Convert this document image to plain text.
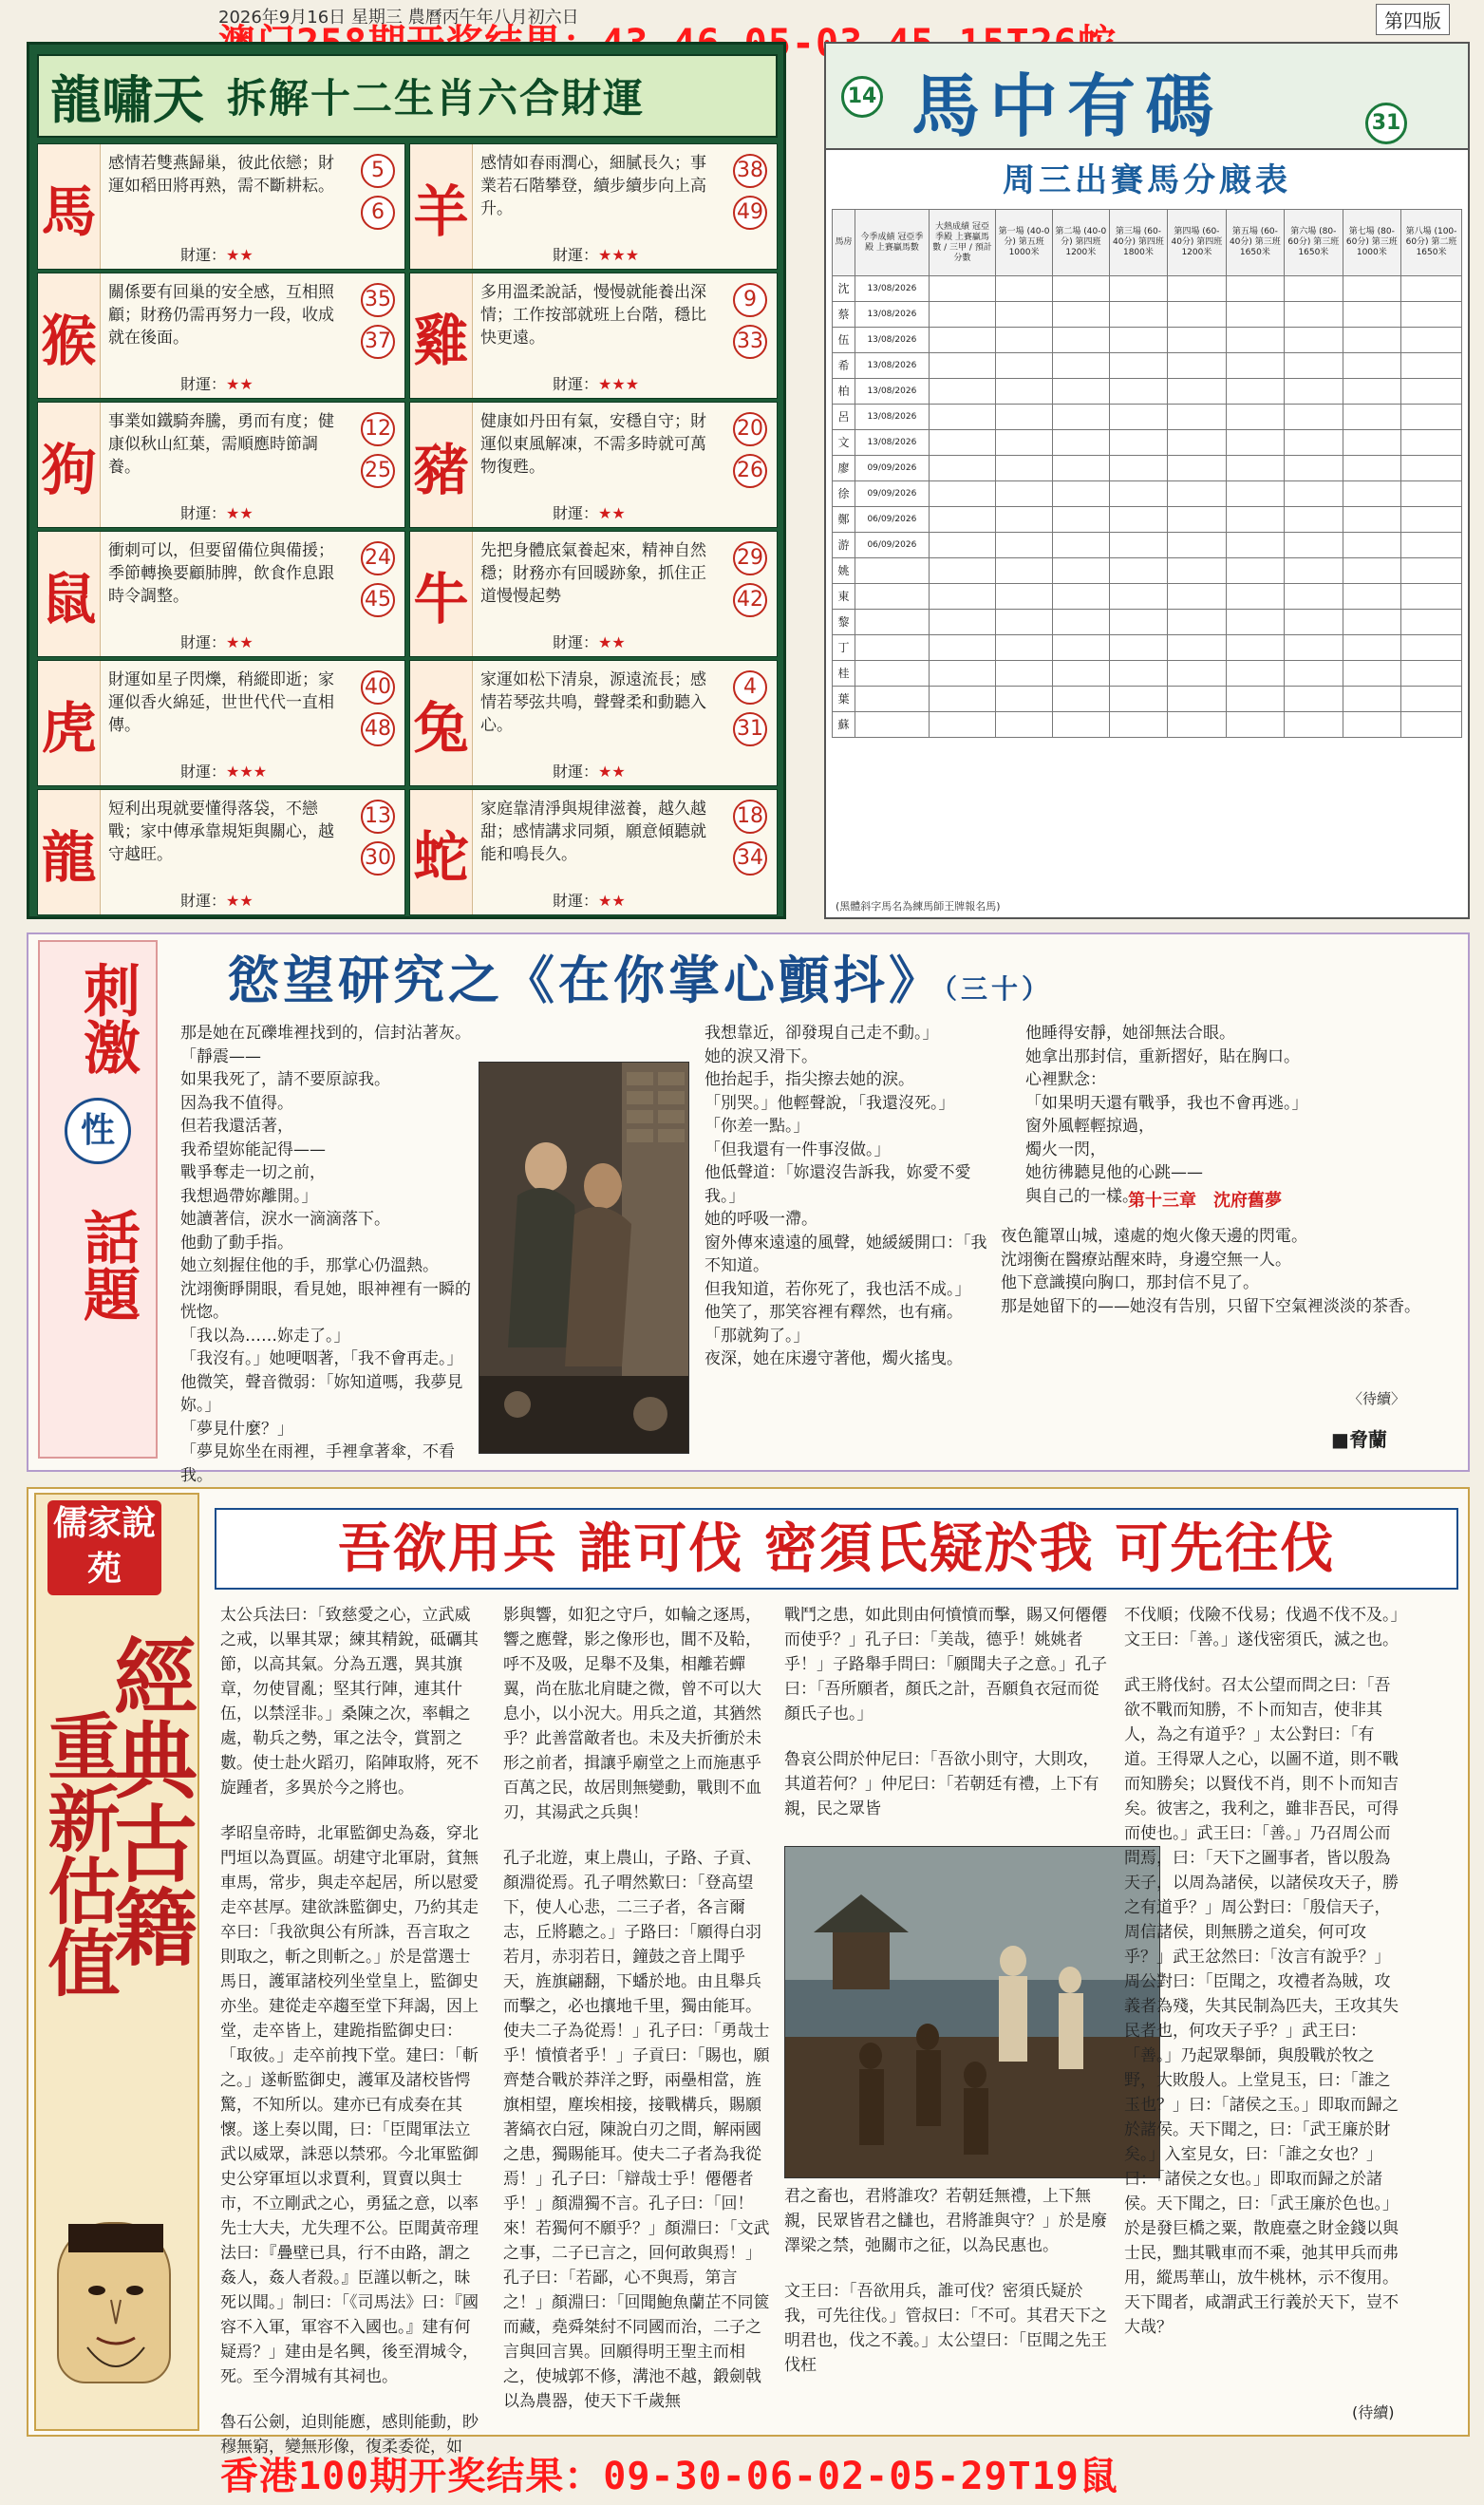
2026年9月16日 星期三 農曆丙午年八月初六日	第四版
龍嘯天 拆解十二生肖六合財運
馬
感情若雙燕歸巢，彼此依戀；財運如稻田將再熟，需不斷耕耘。
財運：★★
5
6 羊
感情如春雨潤心，細膩長久；事業若石階攀登，續步續步向上高升。
財運：★★★
38
49
猴
關係要有回巢的安全感，互相照顧；財務仍需再努力一段，收成就在後面。
財運：★★
35
37 雞
多用溫柔說話，慢慢就能養出深情；工作按部就班上台階，穩比快更遠。
財運：★★★
9
33
狗
事業如鐵騎奔騰，勇而有度；健康似秋山紅葉，需順應時節調養。
財運：★★
12
25 豬
健康如丹田有氣，安穩自守；財運似東風解凍，不需多時就可萬物復甦。
財運：★★
20
26
鼠
衝刺可以，但要留備位與備援；季節轉換要顧肺脾，飲食作息跟時令調整。
財運：★★
24
45 牛
先把身體底氣養起來，精神自然穩；財務亦有回暖跡象，抓住正道慢慢起勢
財運：★★
29
42
虎
財運如星子閃爍，稍縱即逝；家運似香火綿延，世世代代一直相傳。
財運：★★★
40
48 兔
家運如松下清泉，源遠流長；感情若琴弦共鳴，聲聲柔和動聽入心。
財運：★★
4
31
龍
短利出現就要懂得落袋，不戀戰；家中傳承靠規矩與關心，越守越旺。
財運：★★
13
30 蛇
家庭靠清淨與規律滋養，越久越甜；感情講求同頻，願意傾聽就能和鳴長久。
財運：★★
18
34
14 馬中有碼	31
周三出賽馬分廄表
馬房	今季成績 冠亞季殿 上賽贏馬數	大熱成績 冠亞季殿 上賽贏馬 數 / 三甲 / 預計 分數	第一場 (40-0分) 第五班 1000米	第二場 (40-0分) 第四班 1200米	第三場 (60-40分) 第四班 1800米	第四場 (60-40分) 第四班 1200米	第五場 (60-40分) 第三班 1650米	第六場 (80-60分) 第三班 1650米	第七場 (80-60分) 第三班 1000米	第八場 (100-60分) 第二班 1650米
沈	13/08/2026									
蔡	13/08/2026									
伍	13/08/2026									
希	13/08/2026									
柏	13/08/2026									
呂	13/08/2026									
文	13/08/2026									
廖	09/09/2026									
徐	09/09/2026									
鄭	06/09/2026									
游	06/09/2026									
姚										
東										
黎										
丁										
桂										
葉										
蘇										
(黑體斜字馬名為練馬師王牌報名馬)
刺激
性
話題
慾望研究之《在你掌心顫抖》（三十）

那是她在瓦礫堆裡找到的，信封沾著灰。

「靜震——

如果我死了，請不要原諒我。

因為我不值得。

但若我還活著，

我希望妳能記得——

戰爭奪走一切之前，

我想過帶妳離開。」

她讀著信，淚水一滴滴落下。

他動了動手指。

她立刻握住他的手，那掌心仍溫熱。

沈翊衡睜開眼，看見她，眼神裡有一瞬的恍惚。

「我以為……妳走了。」

「我沒有。」她哽咽著，「我不會再走。」

他微笑，聲音微弱：「妳知道嗎，我夢見妳。」

「夢見什麼？」

「夢見妳坐在雨裡，手裡拿著傘，不看我。

我想靠近，卻發現自己走不動。」

她的淚又滑下。

他抬起手，指尖擦去她的淚。

「別哭。」他輕聲說，「我還沒死。」

「你差一點。」

「但我還有一件事沒做。」

他低聲道：「妳還沒告訴我，妳愛不愛我。」

她的呼吸一滯。

窗外傳來遠遠的風聲，她緩緩開口：「我不知道。

但我知道，若你死了，我也活不成。」

他笑了，那笑容裡有釋然，也有痛。

「那就夠了。」

夜深，她在床邊守著他，燭火搖曳。

他睡得安靜，她卻無法合眼。

她拿出那封信，重新摺好，貼在胸口。

心裡默念：

「如果明天還有戰爭，我也不會再逃。」

窗外風輕輕掠過，

燭火一閃，

她彷彿聽見他的心跳——

與自己的一樣。

第十三章　沈府舊夢

夜色籠罩山城，遠處的炮火像天邊的閃電。

沈翊衡在醫療站醒來時，身邊空無一人。

他下意識摸向胸口，那封信不見了。

那是她留下的——她沒有告別，只留下空氣裡淡淡的茶香。

〈待續〉
■脅蘭
儒家說苑
經典古籍
重新估值
吾欲用兵 誰可伐 密須氏疑於我 可先往伐

太公兵法曰：「致慈愛之心，立武威之戒，以畢其眾；練其精銳，砥礪其節，以高其氣。分為五選，異其旗章，勿使冒亂；堅其行陣，連其什伍，以禁淫非。」桑陳之次，率輯之處，勒兵之勢，軍之法令，賞罰之數。使士赴火蹈刃，陷陣取將，死不旋踵者，多異於今之將也。

孝昭皇帝時，北軍監御史為姦，穿北門垣以為賈區。胡建守北軍尉，貧無車馬，常步，與走卒起居，所以慰愛走卒甚厚。建欲誅監御史，乃約其走卒曰：「我欲與公有所誅，吾言取之則取之，斬之則斬之。」於是當選士馬日，護軍諸校列坐堂皇上，監御史亦坐。建從走卒趨至堂下拜謁，因上堂，走卒皆上，建跪指監御史曰：「取彼。」走卒前拽下堂。建曰：「斬之。」遂斬監御史，護軍及諸校皆愕驚，不知所以。建亦已有成奏在其懷。遂上奏以聞，曰：「臣聞軍法立武以威眾，誅惡以禁邪。今北軍監御史公穿軍垣以求賈利，買賣以與士市，不立剛武之心，勇猛之意，以率先士大夫，尤失理不公。臣聞黃帝理法曰：『疊壁已具，行不由路，謂之姦人，姦人者殺。』臣謹以斬之，昧死以聞。」制曰：「《司馬法》曰：『國容不入軍，軍容不入國也。』建有何疑焉？」建由是名興，後至渭城令，死。至今渭城有其祠也。

魯石公劍，迫則能應，感則能動，眇穆無窮，變無形像，復柔委從，如

影與響，如犯之守戶，如輪之逐馬，響之應聲，影之像形也，閶不及鞈，呼不及吸，足舉不及集，相離若蟬翼，尚在肱北肩睫之微，曾不可以大息小，以小況大。用兵之道，其猶然乎？此善當敵者也。未及夫折衝於未形之前者，揖讓乎廟堂之上而施惠乎百萬之民，故居則無變動，戰則不血刃，其湯武之兵與！

孔子北遊，東上農山，子路、子貢、顏淵從焉。孔子喟然歎曰：「登高望下，使人心悲，二三子者，各言爾志，丘將聽之。」子路曰：「願得白羽若月，赤羽若日，鐘鼓之音上聞乎天，旌旗翩翻，下蟠於地。由且舉兵而擊之，必也攘地千里，獨由能耳。使夫二子為從焉！」孔子曰：「勇哉士乎！憤憤者乎！」子貢曰：「賜也，願齊楚合戰於莽洋之野，兩壘相當，旌旗相望，塵埃相接，接戰構兵，賜願著縞衣白冠，陳說白刃之間，解兩國之患，獨賜能耳。使夫二子者為我從焉！」孔子曰：「辯哉士乎！僊僊者乎！」顏淵獨不言。孔子曰：「回！來！若獨何不願乎？」顏淵曰：「文武之事，二子已言之，回何敢與焉！」孔子曰：「若鄙，心不與焉，第言之！」顏淵曰：「回聞鮑魚蘭芷不同篋而藏，堯舜桀紂不同國而治，二子之言與回言異。回願得明王聖主而相之，使城郭不修，溝池不越，鍛劍戟以為農器，使天下千歲無

戰鬥之患，如此則由何憤憤而擊，賜又何僊僊而使乎？」孔子曰：「美哉，德乎！姚姚者乎！」子路舉手問曰：「願聞夫子之意。」孔子曰：「吾所願者，顏氏之計，吾願負衣冠而從顏氏子也。」

魯哀公問於仲尼曰：「吾欲小則守，大則攻，其道若何？」仲尼曰：「若朝廷有禮，上下有親，民之眾皆

君之畜也，君將誰攻？若朝廷無禮，上下無親，民眾皆君之讎也，君將誰與守？」於是廢澤梁之禁，弛關市之征，以為民惠也。

文王曰：「吾欲用兵，誰可伐？密須氏疑於我，可先往伐。」管叔曰：「不可。其君天下之明君也，伐之不義。」太公望曰：「臣聞之先王伐枉

不伐順；伐險不伐易；伐過不伐不及。」文王曰：「善。」遂伐密須氏，滅之也。

武王將伐紂。召太公望而問之曰：「吾欲不戰而知勝，不卜而知吉，使非其人，為之有道乎？」太公對曰：「有道。王得眾人之心，以圖不道，則不戰而知勝矣；以賢伐不肖，則不卜而知吉矣。彼害之，我利之，雖非吾民，可得而使也。」武王曰：「善。」乃召周公而問焉，曰：「天下之圖事者，皆以殷為天子，以周為諸侯，以諸侯攻天子，勝之有道乎？」周公對曰：「殷信天子，周信諸侯，則無勝之道矣，何可攻乎？」武王忿然曰：「汝言有說乎？」周公對曰：「臣聞之，攻禮者為賊，攻義者為殘，失其民制為匹夫，王攻其失民者也，何攻天子乎？」武王曰：「善。」乃起眾舉師，與殷戰於牧之野，大敗殷人。上堂見玉，曰：「誰之玉也？」曰：「諸侯之玉。」即取而歸之於諸侯。天下聞之，曰：「武王廉於財矣。」入室見女，曰：「誰之女也？」曰：「諸侯之女也。」即取而歸之於諸侯。天下聞之，曰：「武王廉於色也。」於是發巨橋之粟，散鹿臺之財金錢以與士民，黜其戰車而不乘，弛其甲兵而弗用，縱馬華山，放牛桃林，示不復用。天下聞者，咸謂武王行義於天下，豈不大哉？

(待續)
香港100期开奖结果：09-30-06-02-05-29T19鼠
